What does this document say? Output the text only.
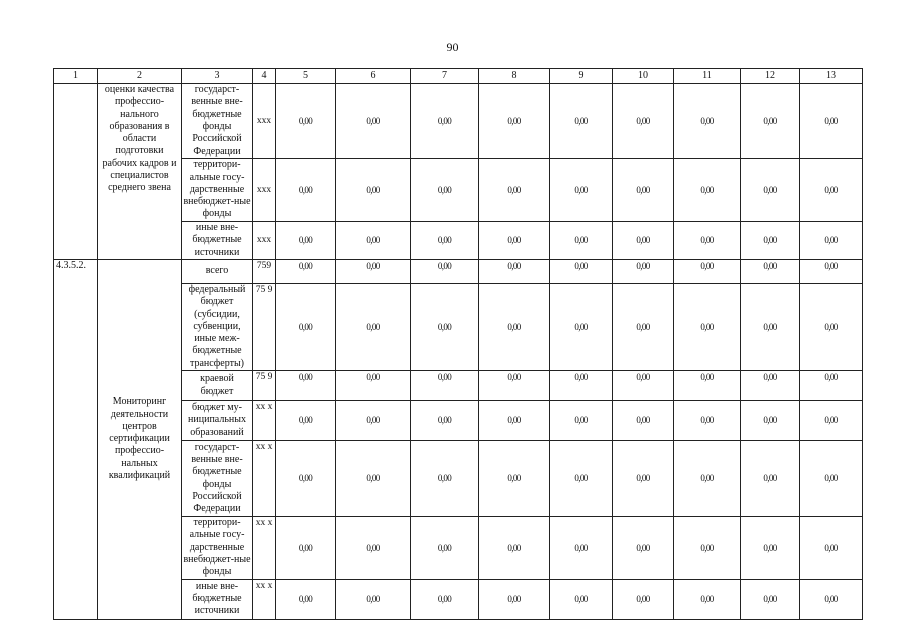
90
1	2	3	4	5	6	7	8	9	10	11	12	13
	оценки качества профессио-нального образования в области подготовки рабочих кадров и специалистов среднего звена	государст-венные вне-бюджетные фонды Российской Федерации	xxx	0,00	0,00	0,00	0,00	0,00	0,00	0,00	0,00	0,00
		территори-альные госу-дарственные внебюджет-ные фонды	xxx	0,00	0,00	0,00	0,00	0,00	0,00	0,00	0,00	0,00
		иные вне-бюджетные источники	xxx	0,00	0,00	0,00	0,00	0,00	0,00	0,00	0,00	0,00
4.3.5.2.	Мониторинг деятельности центров сертификации профессио-нальных квалификаций	всего	759	0,00	0,00	0,00	0,00	0,00	0,00	0,00	0,00	0,00
		федеральный бюджет (субсидии, субвенции, иные меж-бюджетные трансферты)	75 9	0,00	0,00	0,00	0,00	0,00	0,00	0,00	0,00	0,00
		краевой бюджет	75 9	0,00	0,00	0,00	0,00	0,00	0,00	0,00	0,00	0,00
		бюджет му-ниципальных образований	xx x	0,00	0,00	0,00	0,00	0,00	0,00	0,00	0,00	0,00
		государст-венные вне-бюджетные фонды Российской Федерации	xx x	0,00	0,00	0,00	0,00	0,00	0,00	0,00	0,00	0,00
		территори-альные госу-дарственные внебюджет-ные фонды	xx x	0,00	0,00	0,00	0,00	0,00	0,00	0,00	0,00	0,00
		иные вне-бюджетные источники	xx x	0,00	0,00	0,00	0,00	0,00	0,00	0,00	0,00	0,00
